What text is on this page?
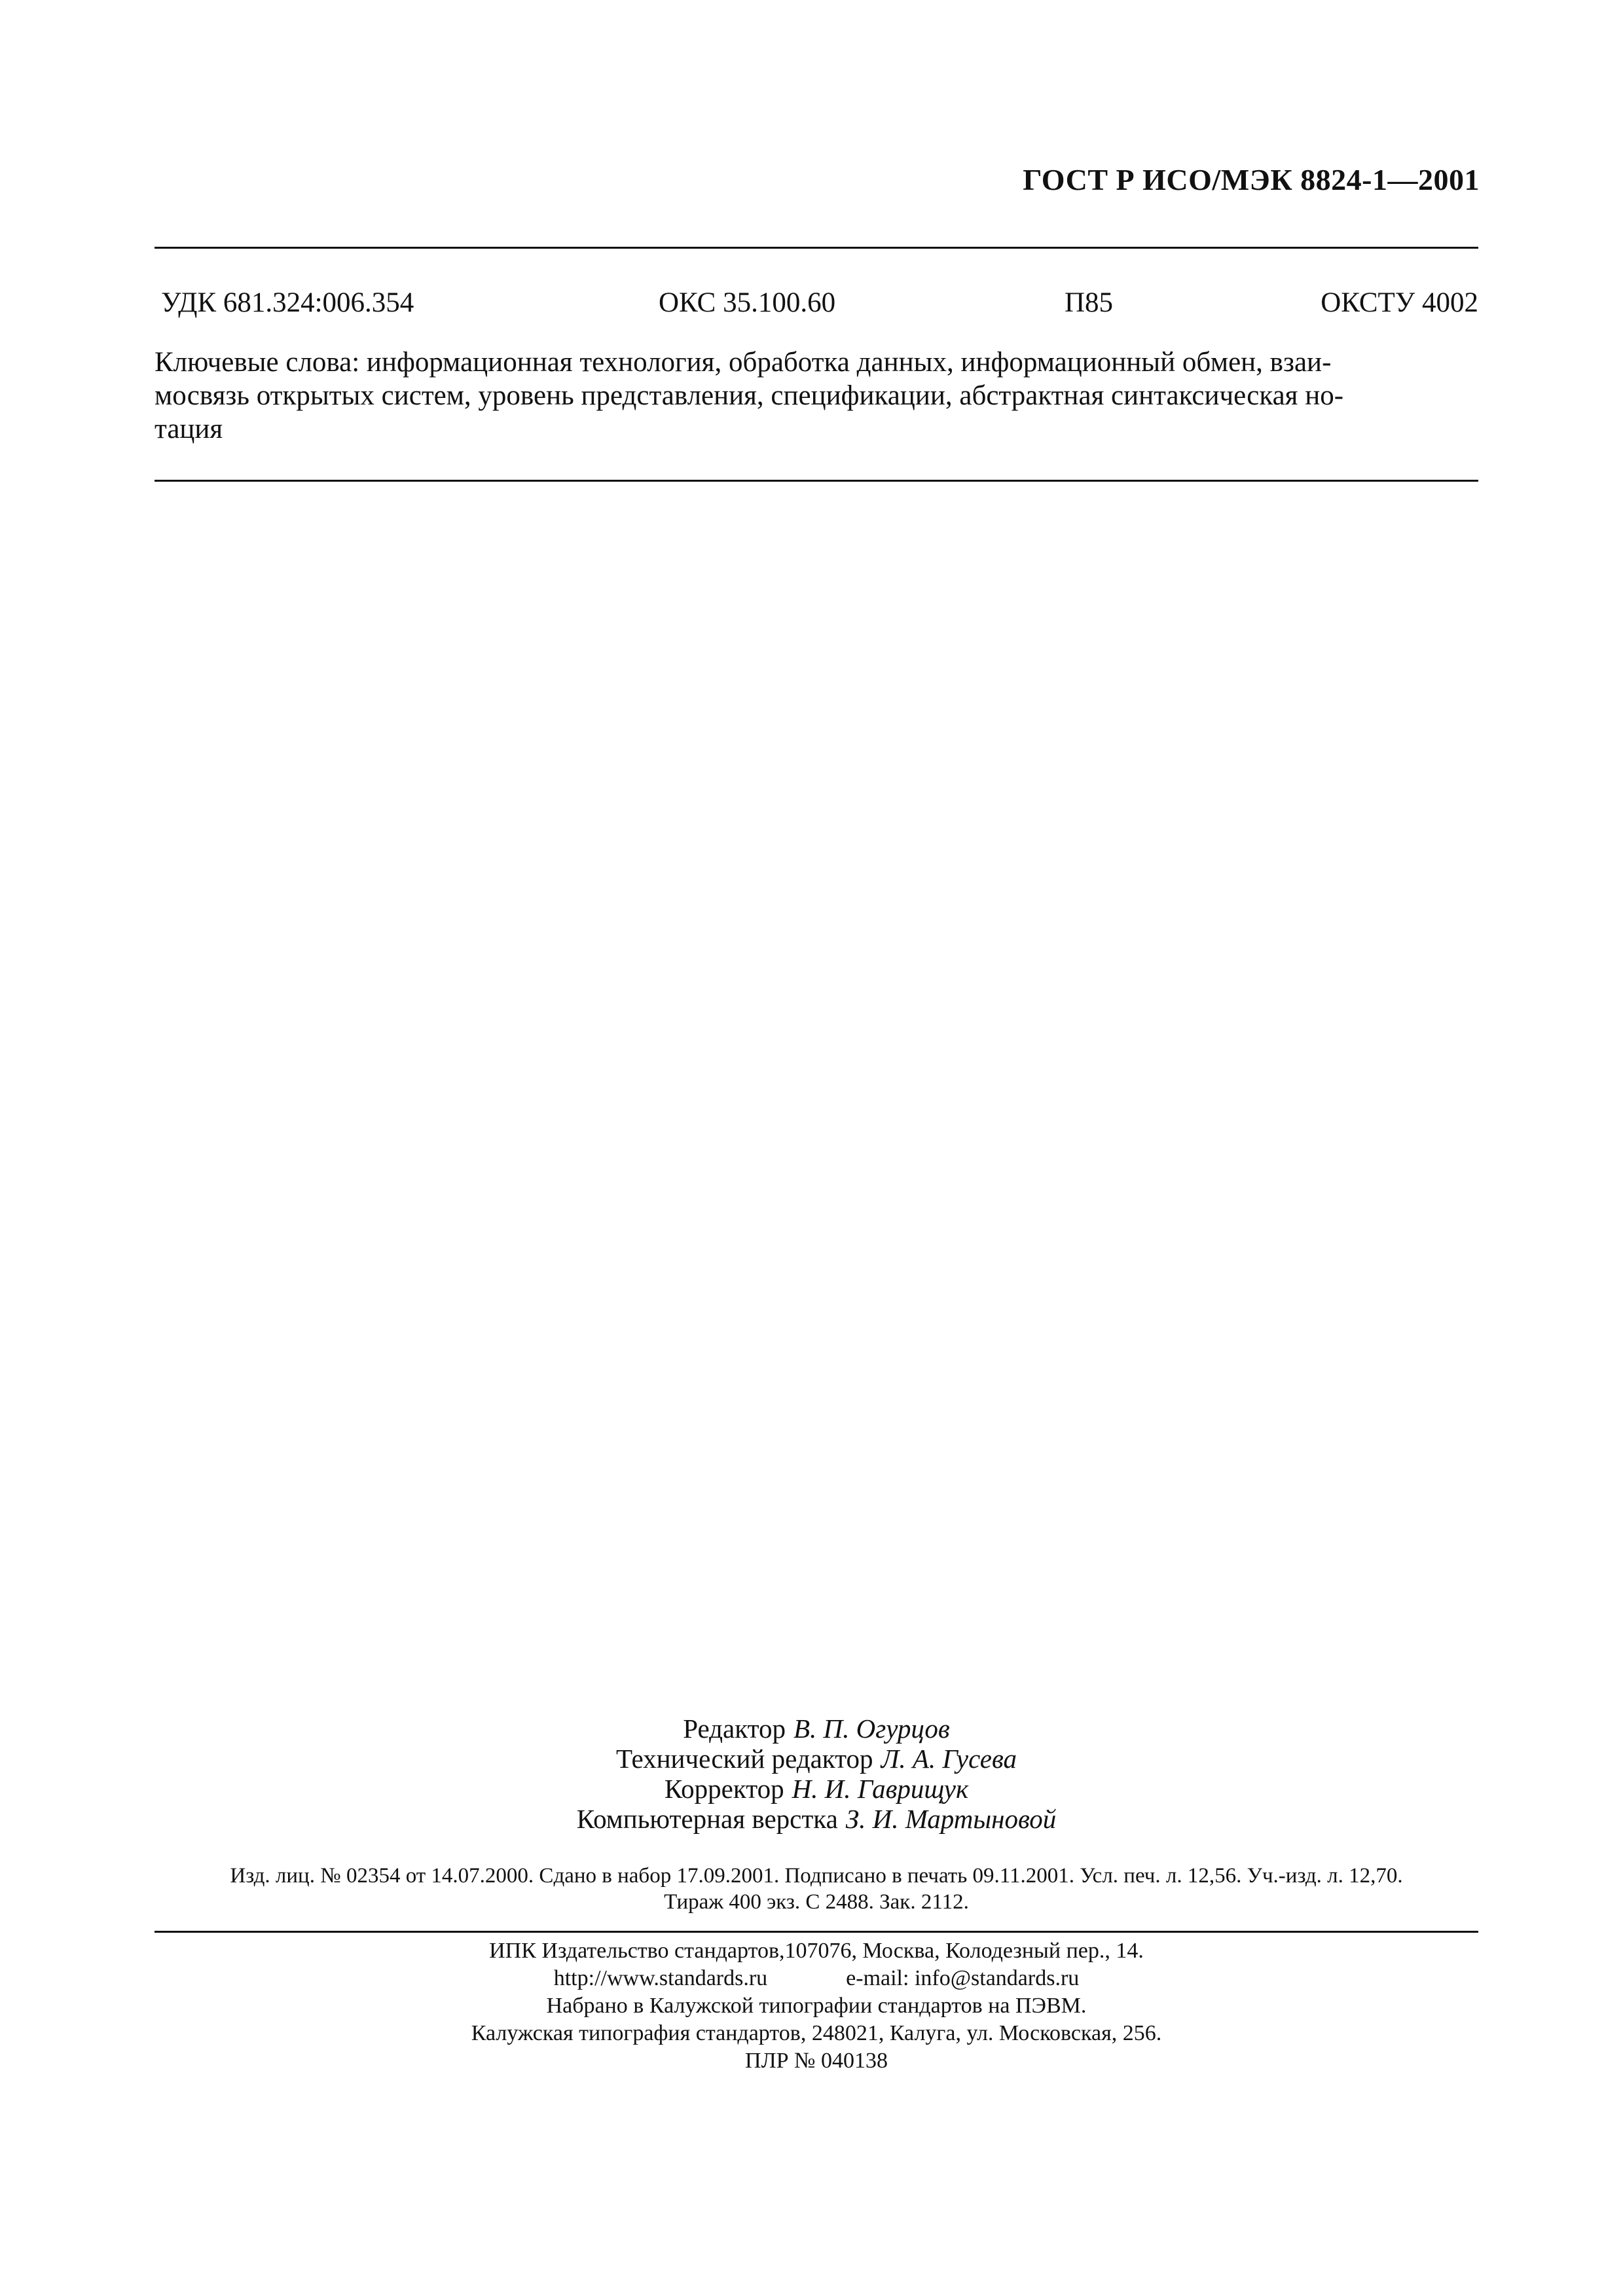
ГОСТ Р ИСО/МЭК 8824-1—2001
УДК 681.324:006.354	ОКС 35.100.60	П85	ОКСТУ 4002
Ключевые слова: информационная технология, обработка данных, информационный обмен, взаи-
мосвязь открытых систем, уровень представления, спецификации, абстрактная синтаксическая но-
тация
Редактор В. П. Огурцов
Технический редактор Л. А. Гусева
Корректор Н. И. Гаврищук
Компьютерная верстка З. И. Мартыновой
Изд. лиц. № 02354 от 14.07.2000. Сдано в набор 17.09.2001. Подписано в печать 09.11.2001. Усл. печ. л. 12,56. Уч.-изд. л. 12,70.
Тираж 400 экз. С 2488. Зак. 2112.
ИПК Издательство стандартов,107076, Москва, Колодезный пер., 14.
http://www.standards.ru	e-mail: info@standards.ru
Набрано в Калужской типографии стандартов на ПЭВМ.
Калужская типография стандартов, 248021, Калуга, ул. Московская, 256.
ПЛР № 040138
